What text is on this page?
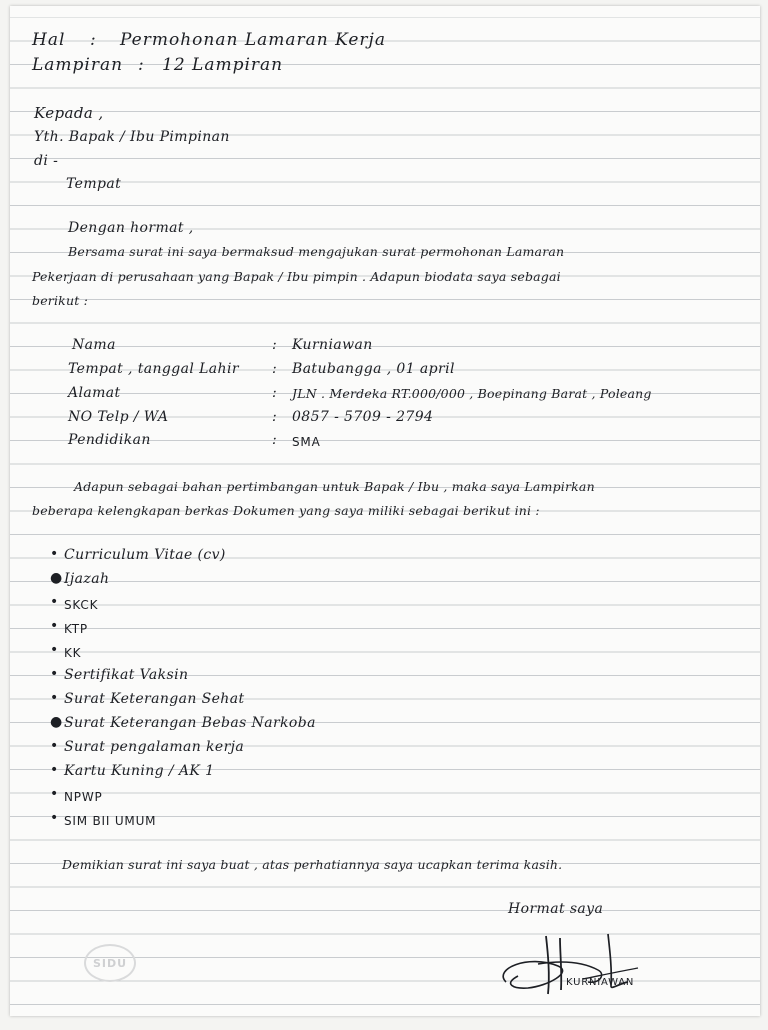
Hal : Permohonan Lamaran Kerja
Lampiran : 12 Lampiran
Kepada ,
Yth. Bapak / Ibu Pimpinan
di -
Tempat
Dengan hormat ,
Bersama surat ini saya bermaksud mengajukan surat permohonan Lamaran
Pekerjaan di perusahaan yang Bapak / Ibu pimpin . Adapun biodata saya sebagai
berikut :
Nama	: Kurniawan
Tempat , tanggal Lahir : Batubangga , 01 april
Alamat	: JLN . Merdeka RT.000/000 , Boepinang Barat , Poleang
NO Telp / WA	: 0857 - 5709 - 2794
Pendidikan	: SMA
Adapun sebagai bahan pertimbangan untuk Bapak / Ibu , maka saya Lampirkan
beberapa kelengkapan berkas Dokumen yang saya miliki sebagai berikut ini :
• Curriculum Vitae (cv)
● Ijazah
• SKCK
• KTP
• KK
• Sertifikat Vaksin
• Surat Keterangan Sehat
● Surat Keterangan Bebas Narkoba
• Surat pengalaman kerja
• Kartu Kuning / AK 1
• NPWP
• SIM BII UMUM
Demikian surat ini saya buat , atas perhatiannya saya ucapkan terima kasih.
Hormat saya
SIDU
KURNIAWAN
